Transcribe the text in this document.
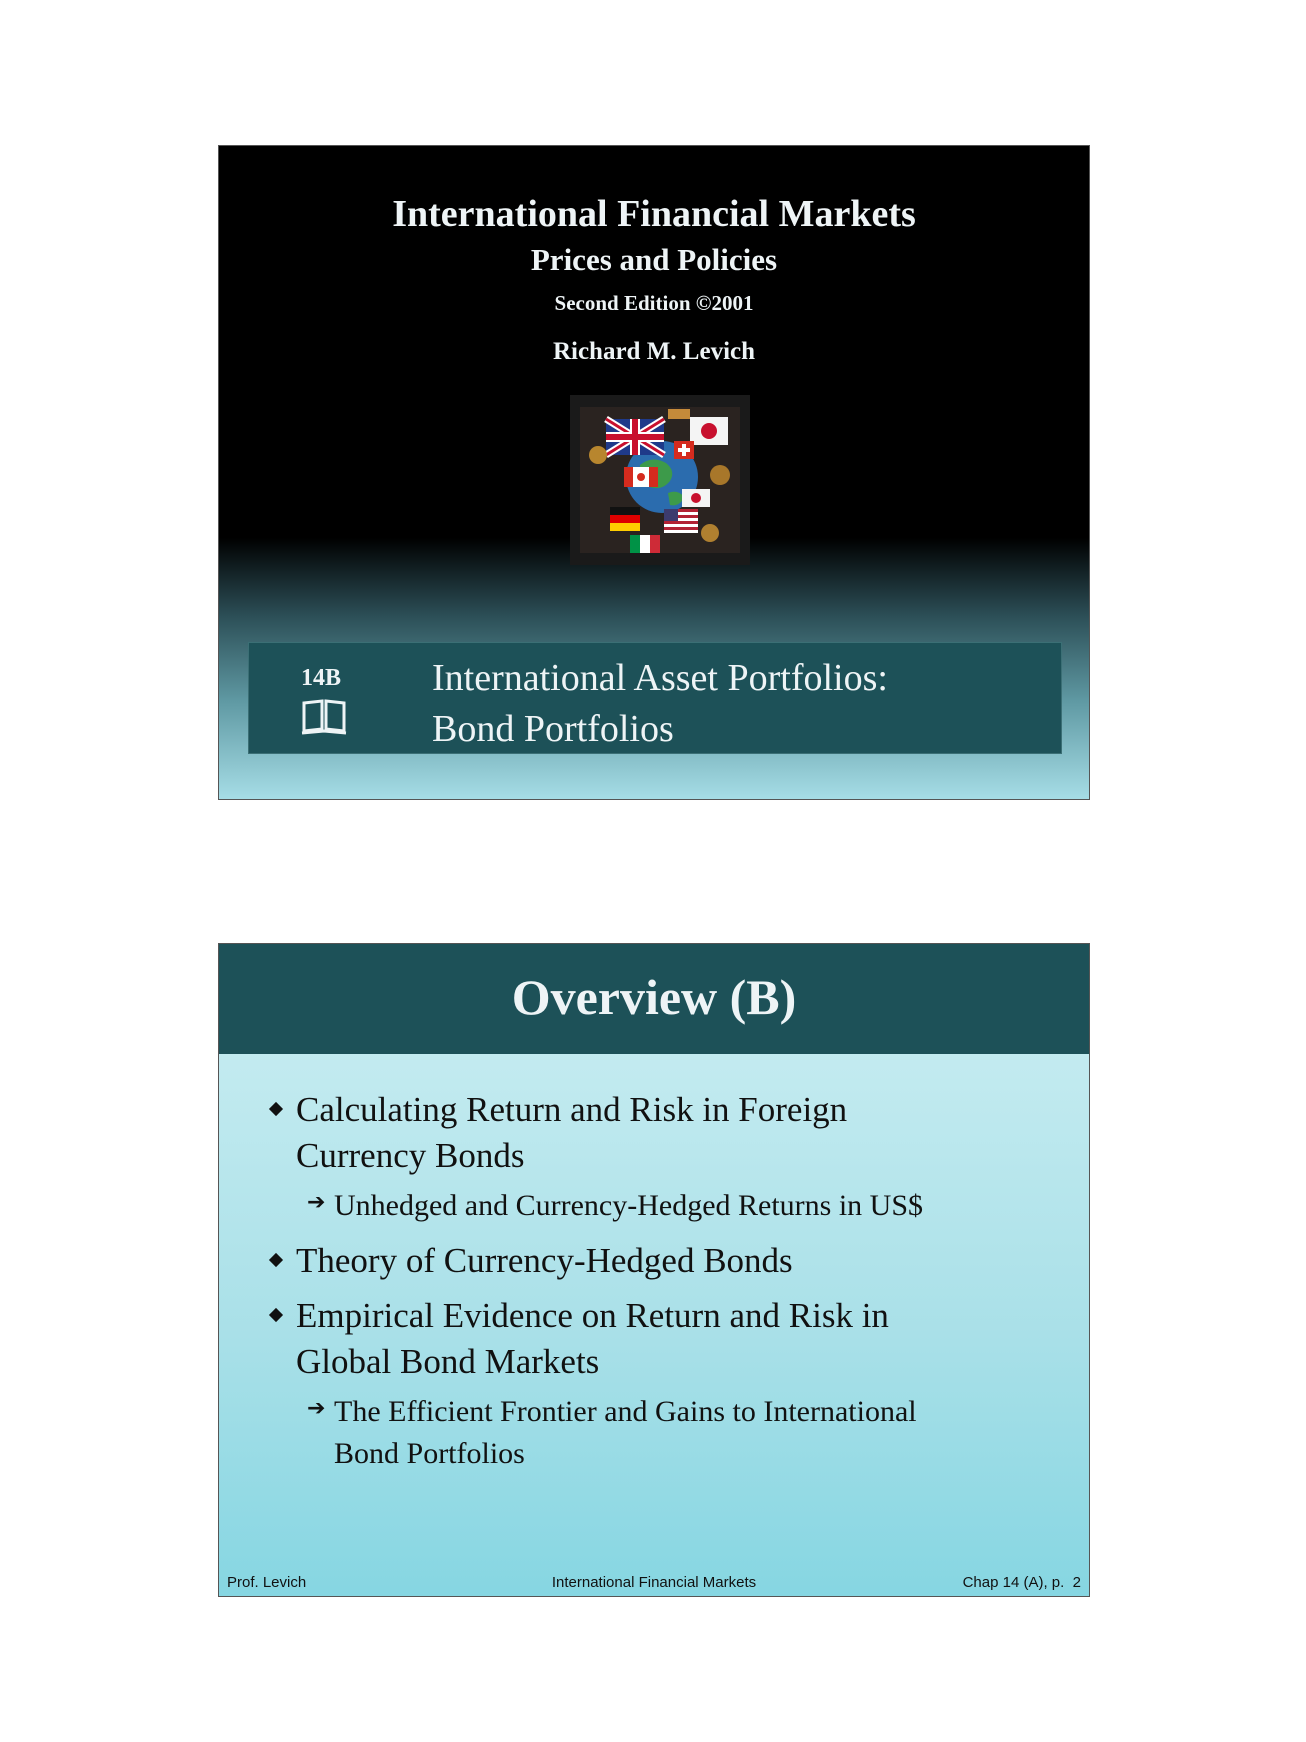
International Financial Markets
Prices and Policies
Second Edition ©2001
Richard M. Levich
14B International Asset Portfolios:
Bond Portfolios
Overview (B)
Calculating Return and Risk in Foreign
Currency Bonds
➔ Unhedged and Currency-Hedged Returns in US$
Theory of Currency-Hedged Bonds
Empirical Evidence on Return and Risk in
Global Bond Markets
➔ The Efficient Frontier and Gains to International
Bond Portfolios
Prof. Levich	International Financial Markets	Chap 14 (A), p.  2
